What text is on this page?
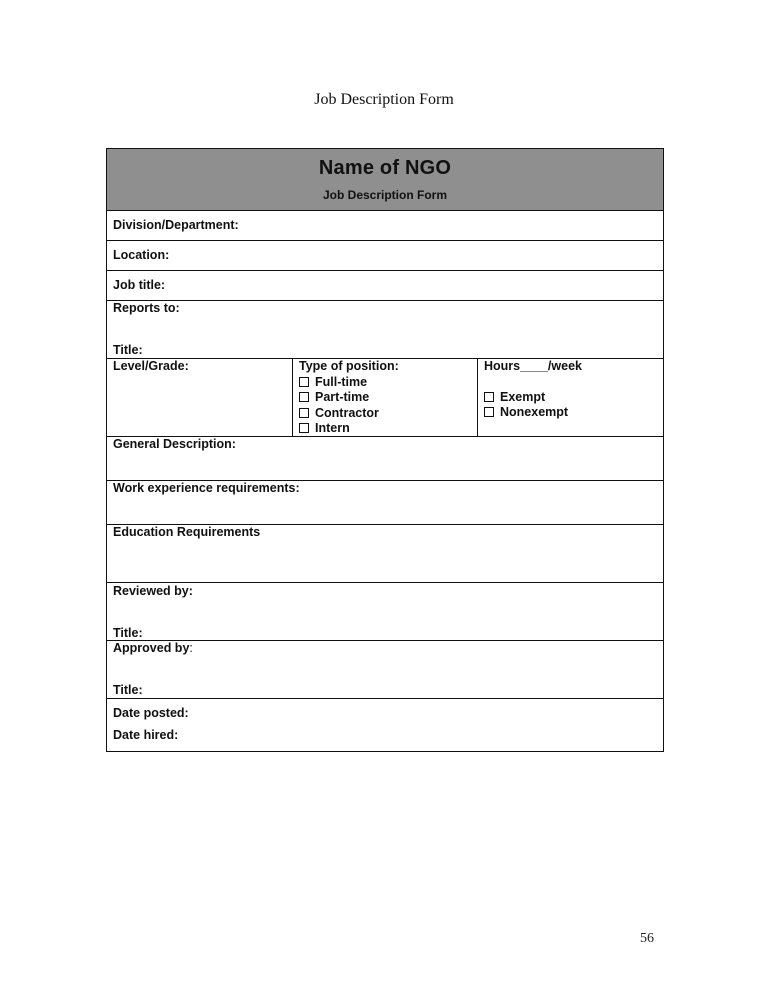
Job Description Form
Name of NGO
Job Description Form
Division/Department:
Location:
Job title:
Reports to:
Title:
Level/Grade:	Type of position:
Full-time
Part-time
Contractor
Intern
Hours____/week
Exempt
Nonexempt
General Description:
Work experience requirements:
Education Requirements
Reviewed by:
Title:
Approved by:
Title:
Date posted:
Date hired:
56
